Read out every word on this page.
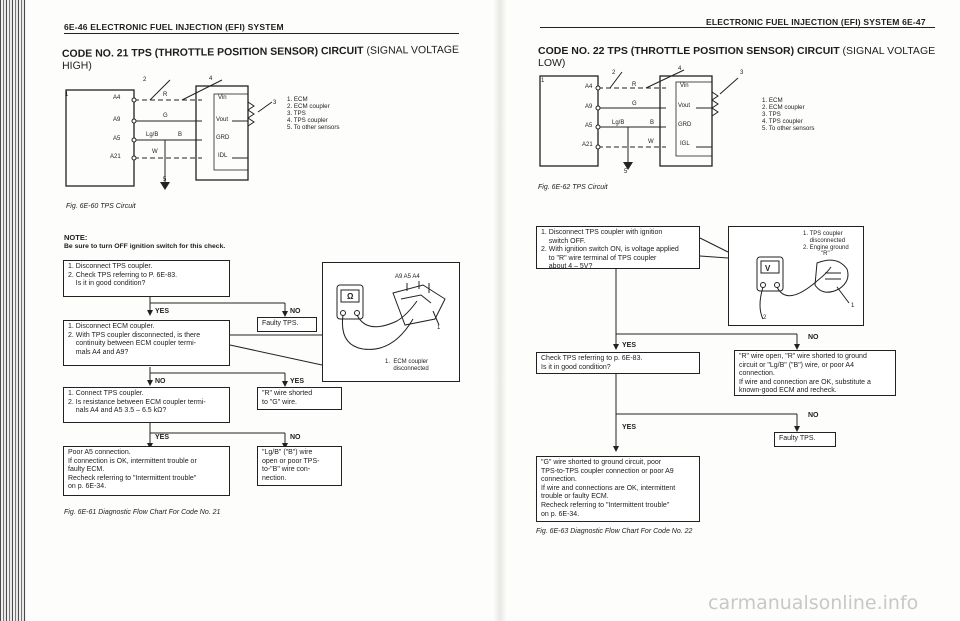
6E-46 ELECTRONIC FUEL INJECTION (EFI) SYSTEM
CODE NO. 21 TPS (THROTTLE POSITION SENSOR) CIRCUIT (SIGNAL VOLTAGE HIGH)
1
2	4
3
5
A4
A9
A5
A21
R
G
Lg/B	B
W
Vin
Vout
GRD
IDL
1. ECM
2. ECM coupler
3. TPS
4. TPS coupler
5. To other sensors
Fig. 6E-60 TPS Circuit
NOTE:
Be sure to turn OFF ignition switch for this check.
1. Disconnect TPS coupler.
2. Check TPS referring to P. 6E-83.
Is it in good condition?
YES	NO
Faulty TPS.
1. Disconnect ECM coupler.
2. With TPS coupler disconnected, is there
continuity between ECM coupler termi-
mals A4 and A9?
NO	YES
"R" wire shorted
to "G" wire.
1. Connect TPS coupler.
2. Is resistance between ECM coupler termi-
nals A4 and A5 3.5 – 6.5 kΩ?
YES	NO
Poor A5 connection.
If connection is OK, intermittent trouble or
faulty ECM.
Recheck referring to "Intermittent trouble"
on p. 6E-34.
"Lg/B" ("B") wire
open or poor TPS-
to-"B" wire con-
nection.
Ω
A9 A5 A4
1
1.  ECM coupler
disconnected
Fig. 6E-61 Diagnostic Flow Chart For Code No. 21
ELECTRONIC FUEL INJECTION (EFI) SYSTEM 6E-47
CODE NO. 22 TPS (THROTTLE POSITION SENSOR) CIRCUIT (SIGNAL VOLTAGE LOW)
1
2
4
3
5
A4
A9
A5
A21
R
G
Lg/B	B
W
Vin
Vout
GRD
IGL
1. ECM
2. ECM coupler
3. TPS
4. TPS coupler
5. To other sensors
Fig. 6E-62 TPS Circuit
1. Disconnect TPS coupler with ignition
switch OFF.
2. With ignition switch ON, is voltage applied
to "R" wire terminal of TPS coupler
about 4 – 5V?	V
1. TPS coupler
disconnected
2. Engine ground
"R"
1
2
YES
NO
Check TPS referring to p. 6E-83.
Is it in good condition?
"R" wire open, "R" wire shorted to ground
circuit or "Lg/B" ("B") wire, or poor A4
connection.
If wire and connection are OK, substitute a
known-good ECM and recheck.
YES
NO
Faulty TPS.
"G" wire shorted to ground circuit, poor
TPS-to-TPS coupler connection or poor A9
connection.
If wire and connections are OK, intermittent
trouble or faulty ECM.
Recheck referring to "Intermittent trouble"
on p. 6E-34.
Fig. 6E-63 Diagnostic Flow Chart For Code No. 22
carmanualsonline.info
